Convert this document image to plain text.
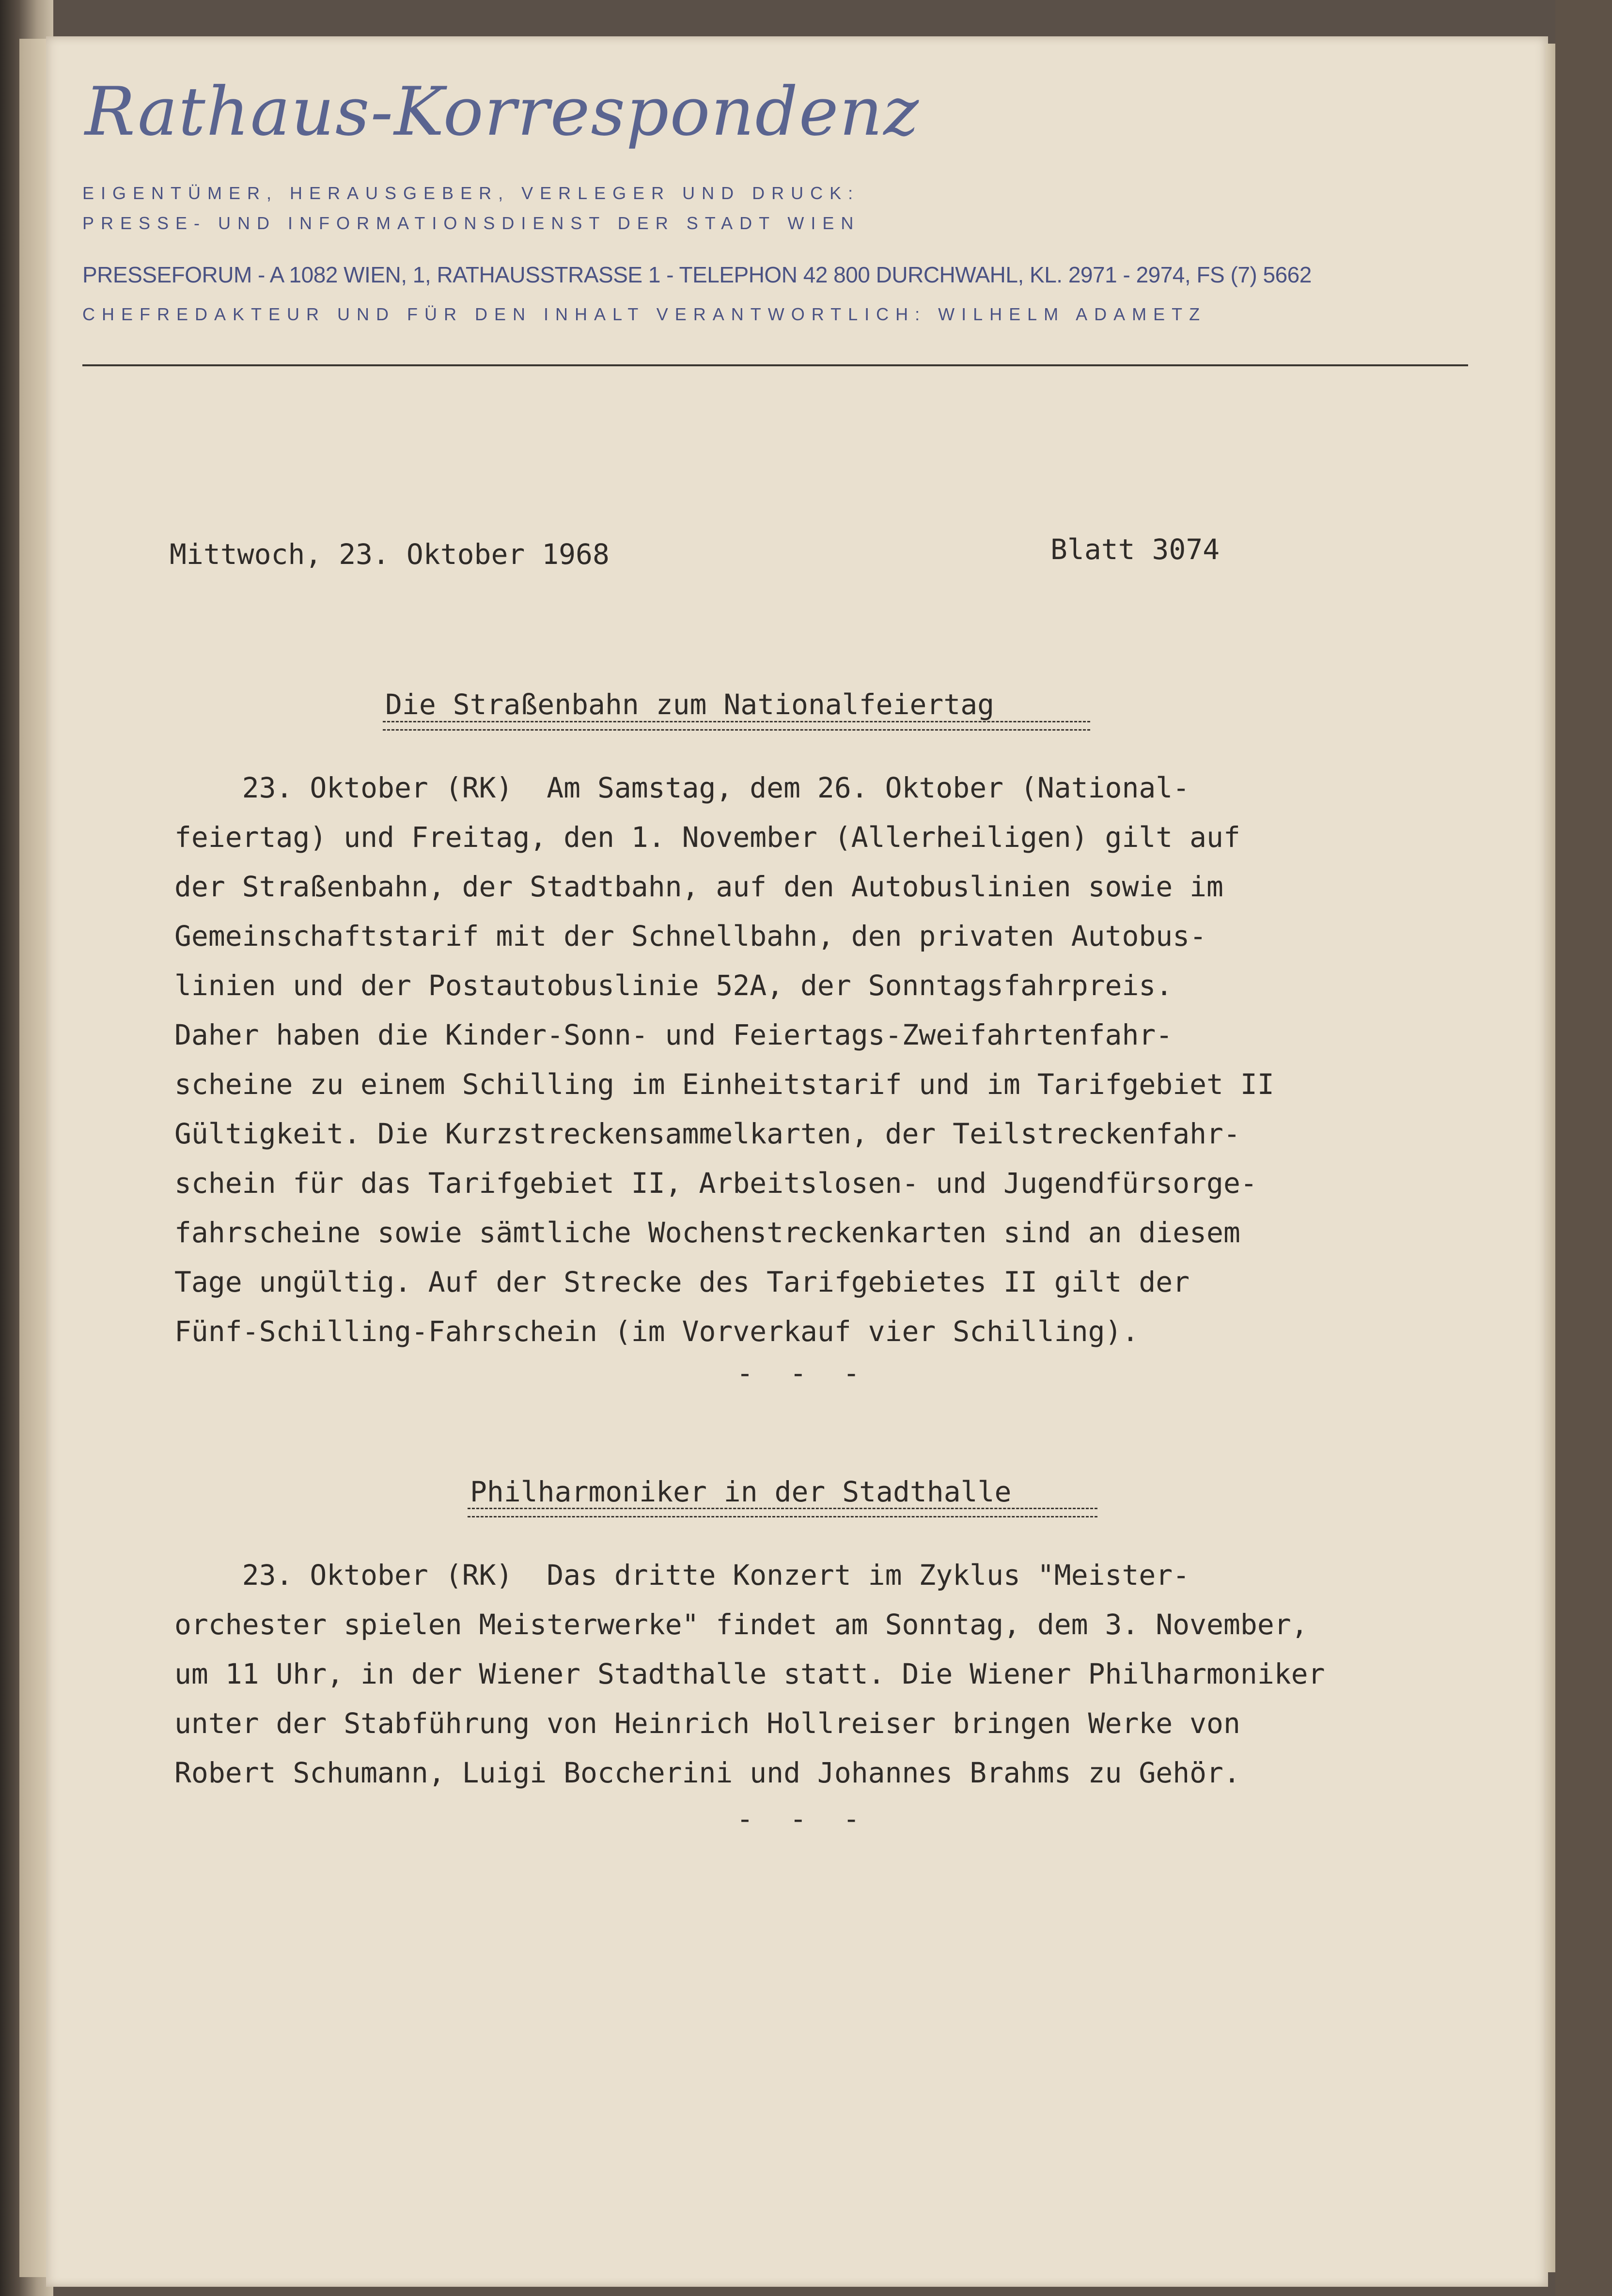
Rathaus-Korrespondenz
EIGENTÜMER, HERAUSGEBER, VERLEGER UND DRUCK:
PRESSE- UND INFORMATIONSDIENST DER STADT WIEN
PRESSEFORUM - A 1082 WIEN, 1, RATHAUSSTRASSE 1 - TELEPHON 42 800 DURCHWAHL, KL. 2971 - 2974, FS (7) 5662
CHEFREDAKTEUR UND FÜR DEN INHALT VERANTWORTLICH: WILHELM ADAMETZ
Mittwoch, 23. Oktober 1968	Blatt 3074
Die Straßenbahn zum Nationalfeiertag
23. Oktober (RK)  Am Samstag, dem 26. Oktober (National-
feiertag) und Freitag, den 1. November (Allerheiligen) gilt auf
der Straßenbahn, der Stadtbahn, auf den Autobuslinien sowie im
Gemeinschaftstarif mit der Schnellbahn, den privaten Autobus-
linien und der Postautobuslinie 52A, der Sonntagsfahrpreis.
Daher haben die Kinder-Sonn- und Feiertags-Zweifahrtenfahr-
scheine zu einem Schilling im Einheitstarif und im Tarifgebiet II
Gültigkeit. Die Kurzstreckensammelkarten, der Teilstreckenfahr-
schein für das Tarifgebiet II, Arbeitslosen- und Jugendfürsorge-
fahrscheine sowie sämtliche Wochenstreckenkarten sind an diesem
Tage ungültig. Auf der Strecke des Tarifgebietes II gilt der
Fünf-Schilling-Fahrschein (im Vorverkauf vier Schilling).
- - -
Philharmoniker in der Stadthalle
23. Oktober (RK)  Das dritte Konzert im Zyklus "Meister-
orchester spielen Meisterwerke" findet am Sonntag, dem 3. November,
um 11 Uhr, in der Wiener Stadthalle statt. Die Wiener Philharmoniker
unter der Stabführung von Heinrich Hollreiser bringen Werke von
Robert Schumann, Luigi Boccherini und Johannes Brahms zu Gehör.
- - -
